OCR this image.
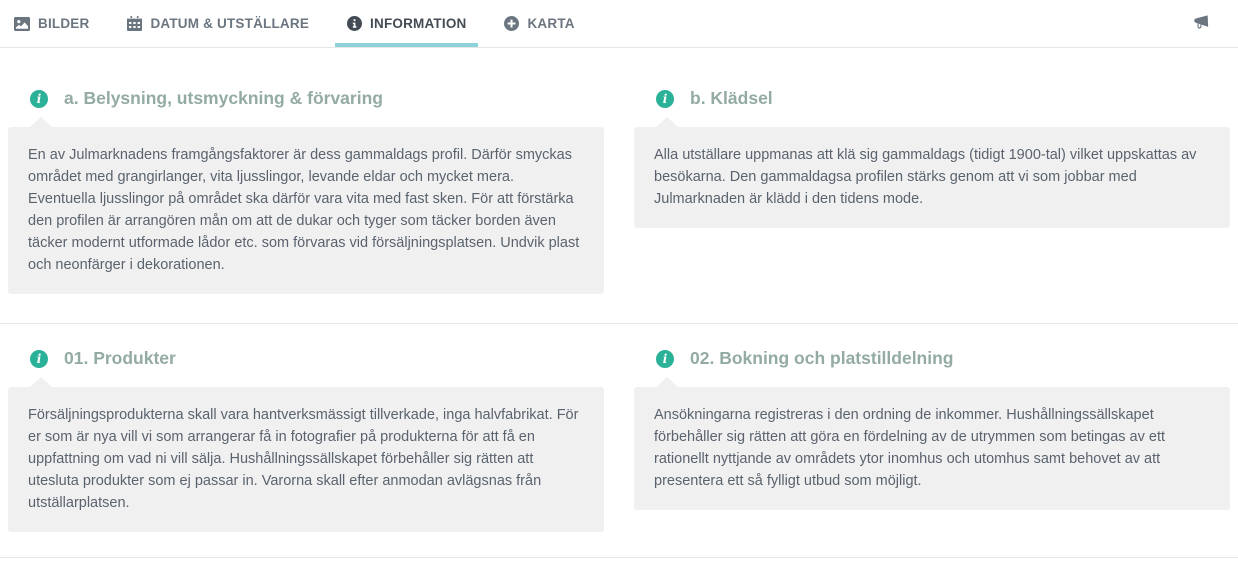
BILDER	DATUM & UTSTÄLLARE	INFORMATION	KARTA
i	a. Belysning, utsmyckning & förvaring

En av Julmarknadens framgångsfaktorer är dess gammaldags profil. Därför smyckas området med grangirlanger, vita ljusslingor, levande eldar och mycket mera. Eventuella ljusslingor på området ska därför vara vita med fast sken. För att förstärka den profilen är arrangören mån om att de dukar och tyger som täcker borden även täcker modernt utformade lådor etc. som förvaras vid försäljningsplatsen. Undvik plast och neonfärger i dekorationen.

i	b. Klädsel

Alla utställare uppmanas att klä sig gammaldags (tidigt 1900-tal) vilket uppskattas av besökarna. Den gammaldagsa profilen stärks genom att vi som jobbar med Julmarknaden är klädd i den tidens mode.

i	01. Produkter

Försäljningsprodukterna skall vara hantverksmässigt tillverkade, inga halvfabrikat. För er som är nya vill vi som arrangerar få in fotografier på produkterna för att få en uppfattning om vad ni vill sälja. Hushållningssällskapet förbehåller sig rätten att utesluta produkter som ej passar in. Varorna skall efter anmodan avlägsnas från utställarplatsen.

i	02. Bokning och platstilldelning

Ansökningarna registreras i den ordning de inkommer. Hushållningssällskapet förbehåller sig rätten att göra en fördelning av de utrymmen som betingas av ett rationellt nyttjande av områdets ytor inomhus och utomhus samt behovet av att presentera ett så fylligt utbud som möjligt.
